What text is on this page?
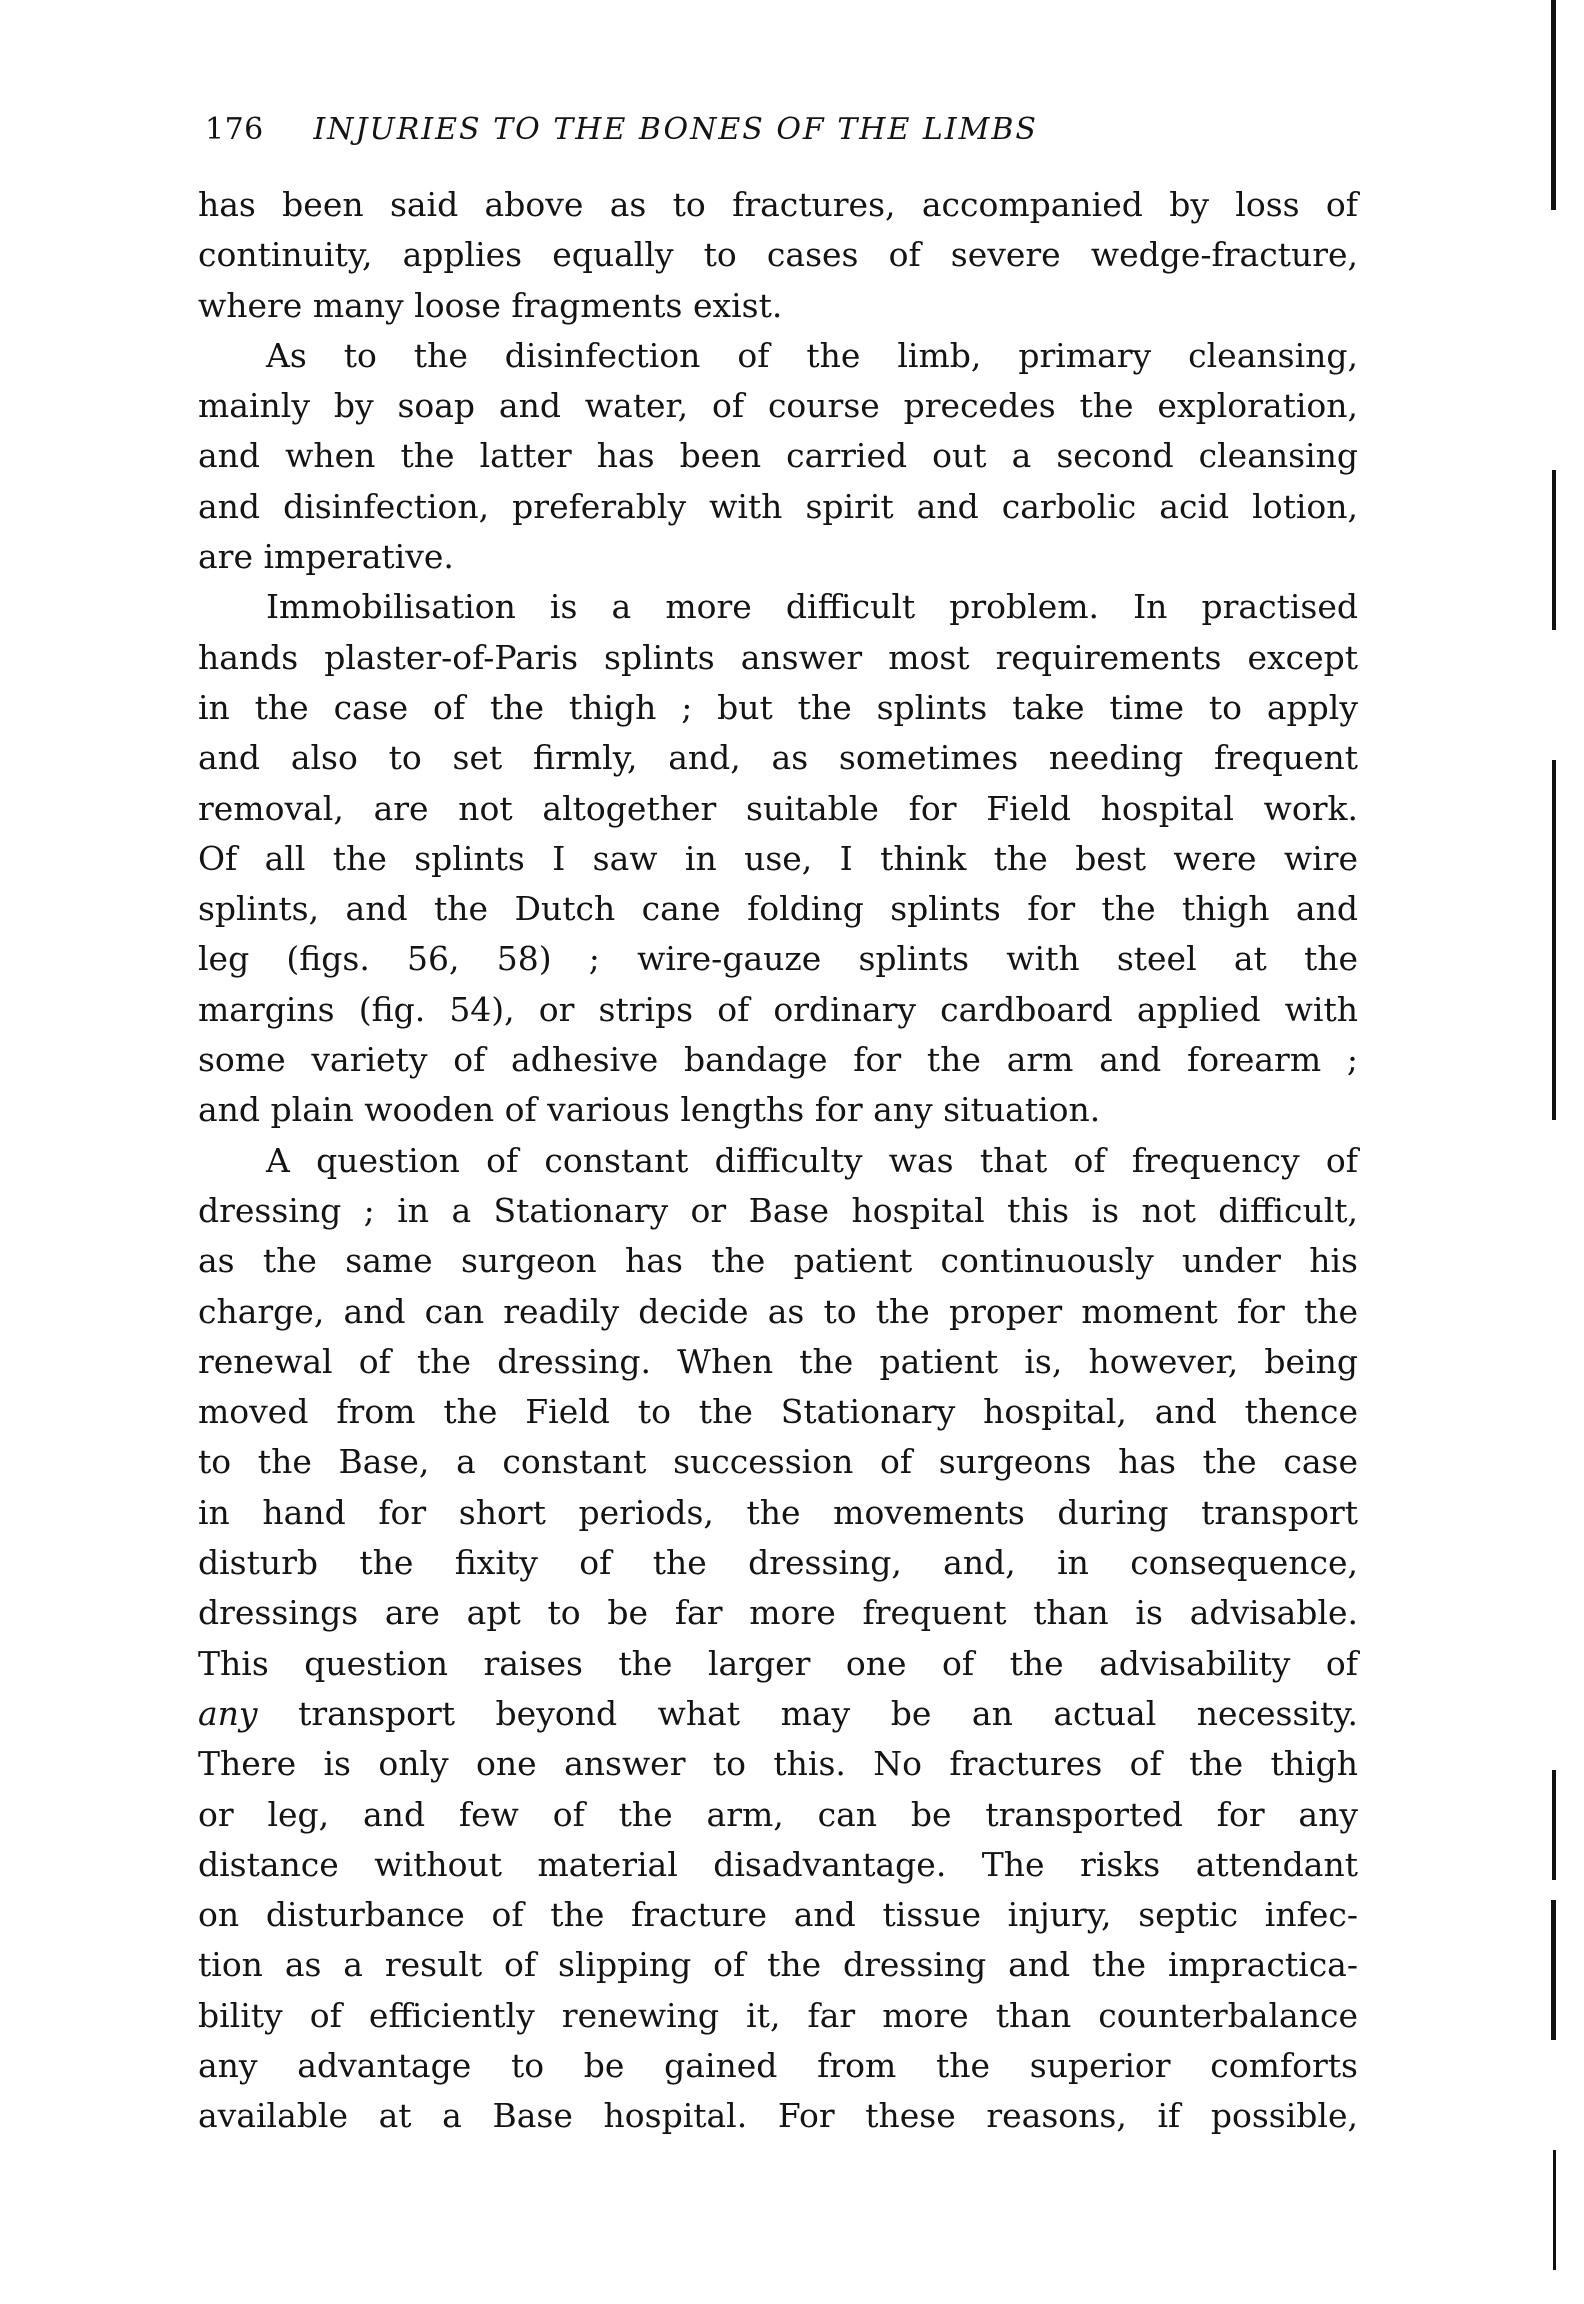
176 INJURIES TO THE BONES OF THE LIMBS
has been said above as to fractures, accompanied by loss of
continuity, applies equally to cases of severe wedge-fracture,
where many loose fragments exist.
As to the disinfection of the limb, primary cleansing,
mainly by soap and water, of course precedes the exploration,
and when the latter has been carried out a second cleansing
and disinfection, preferably with spirit and carbolic acid lotion,
are imperative.
Immobilisation is a more difficult problem. In practised
hands plaster-of-Paris splints answer most requirements except
in the case of the thigh ; but the splints take time to apply
and also to set firmly, and, as sometimes needing frequent
removal, are not altogether suitable for Field hospital work.
Of all the splints I saw in use, I think the best were wire
splints, and the Dutch cane folding splints for the thigh and
leg (figs. 56, 58) ; wire-gauze splints with steel at the
margins (fig. 54), or strips of ordinary cardboard applied with
some variety of adhesive bandage for the arm and forearm ;
and plain wooden of various lengths for any situation.
A question of constant difficulty was that of frequency of
dressing ; in a Stationary or Base hospital this is not difficult,
as the same surgeon has the patient continuously under his
charge, and can readily decide as to the proper moment for the
renewal of the dressing. When the patient is, however, being
moved from the Field to the Stationary hospital, and thence
to the Base, a constant succession of surgeons has the case
in hand for short periods, the movements during transport
disturb the fixity of the dressing, and, in consequence,
dressings are apt to be far more frequent than is advisable.
This question raises the larger one of the advisability of
any transport beyond what may be an actual necessity.
There is only one answer to this. No fractures of the thigh
or leg, and few of the arm, can be transported for any
distance without material disadvantage. The risks attendant
on disturbance of the fracture and tissue injury, septic infec-
tion as a result of slipping of the dressing and the impractica-
bility of efficiently renewing it, far more than counterbalance
any advantage to be gained from the superior comforts
available at a Base hospital. For these reasons, if possible,
